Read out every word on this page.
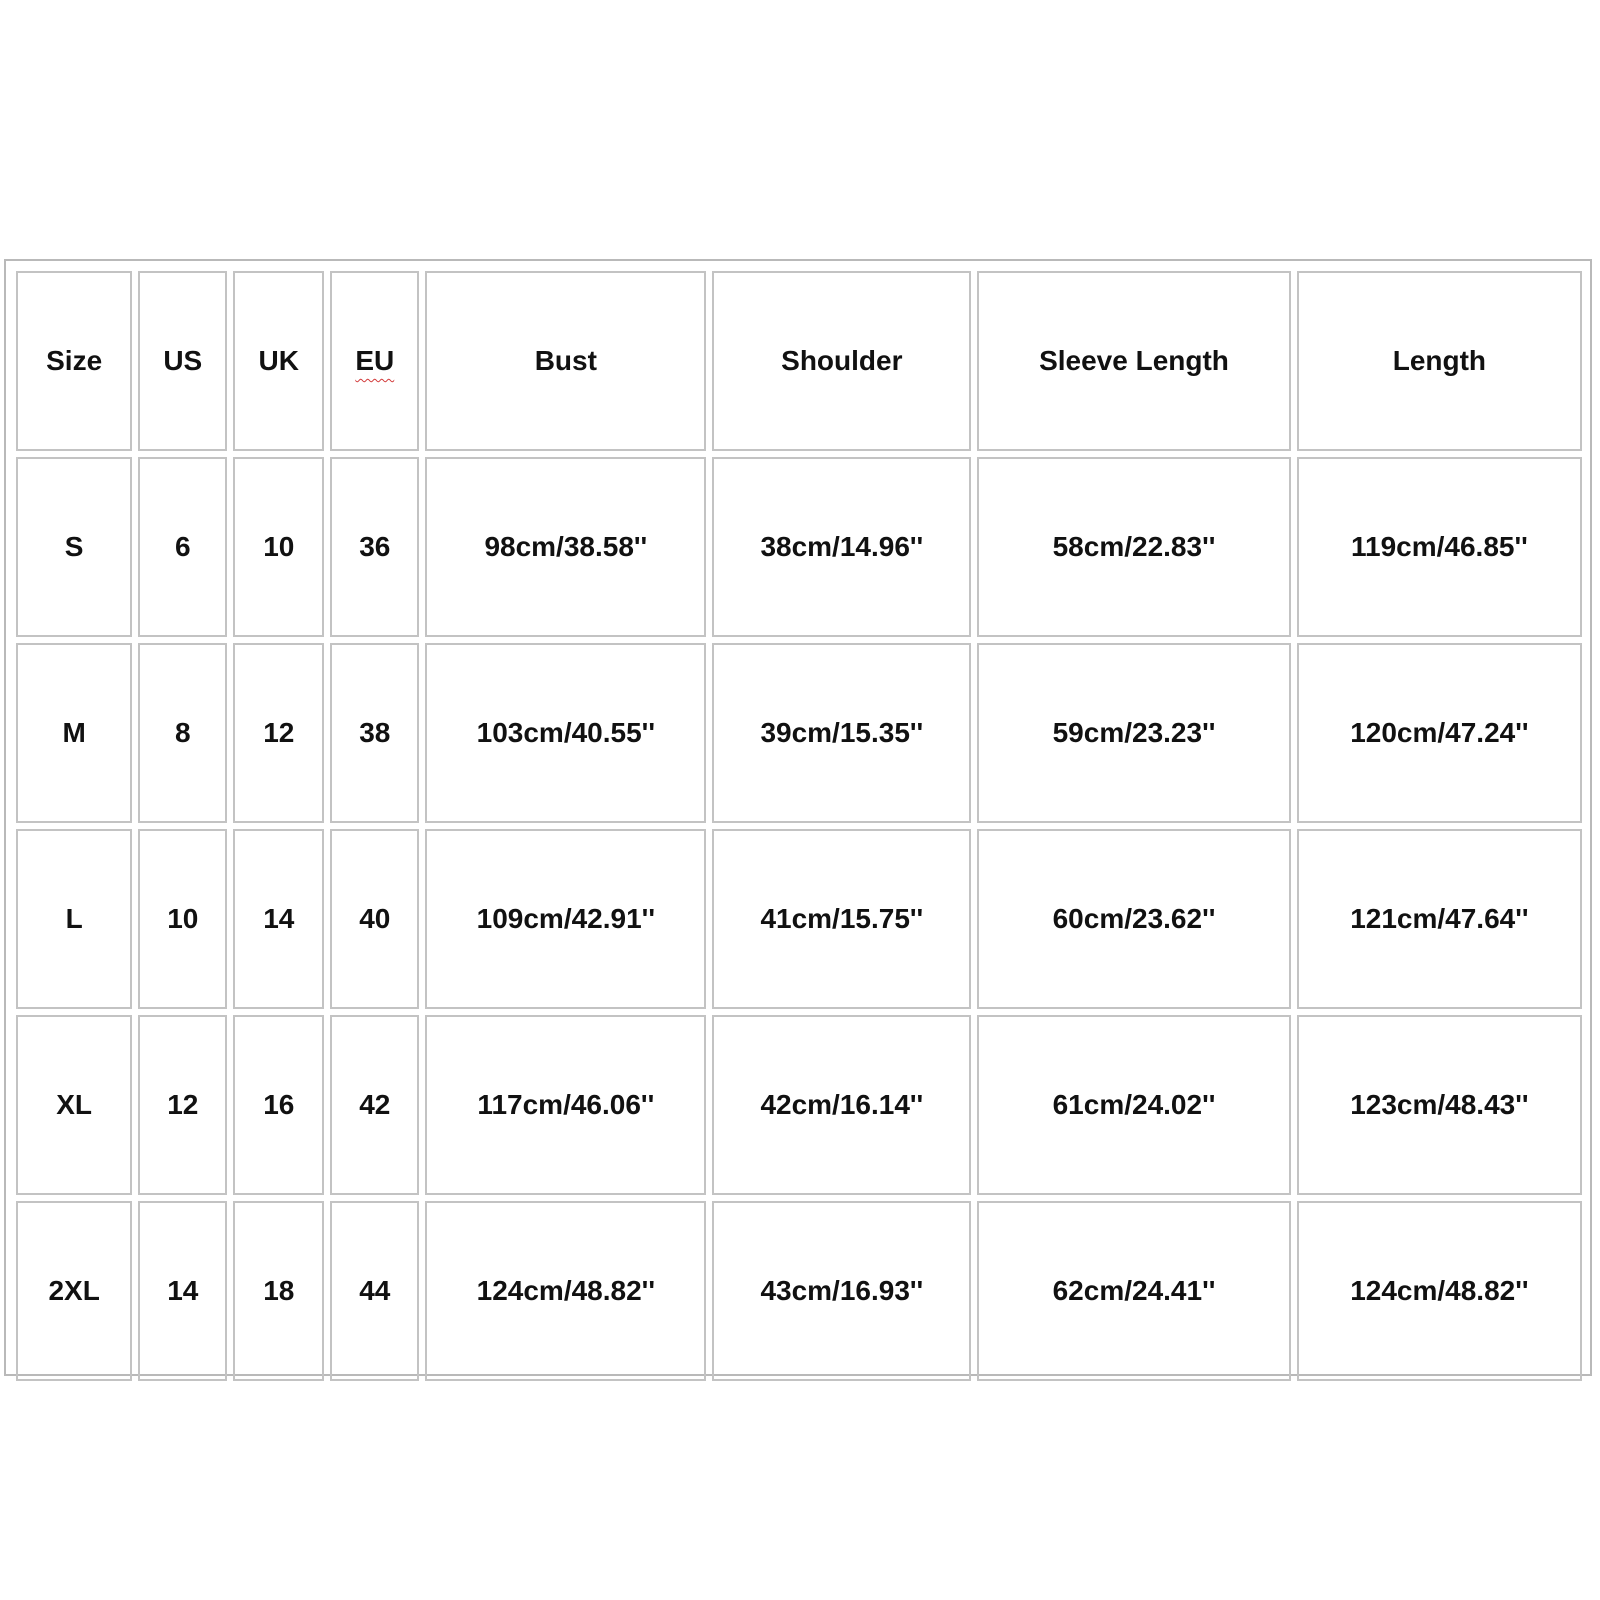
Size	US	UK	EU	Bust	Shoulder	Sleeve Length	Length
S	6	10	36	98cm/38.58''	38cm/14.96''	58cm/22.83''	119cm/46.85''
M	8	12	38	103cm/40.55''	39cm/15.35''	59cm/23.23''	120cm/47.24''
L	10	14	40	109cm/42.91''	41cm/15.75''	60cm/23.62''	121cm/47.64''
XL	12	16	42	117cm/46.06''	42cm/16.14''	61cm/24.02''	123cm/48.43''
2XL	14	18	44	124cm/48.82''	43cm/16.93''	62cm/24.41''	124cm/48.82''
